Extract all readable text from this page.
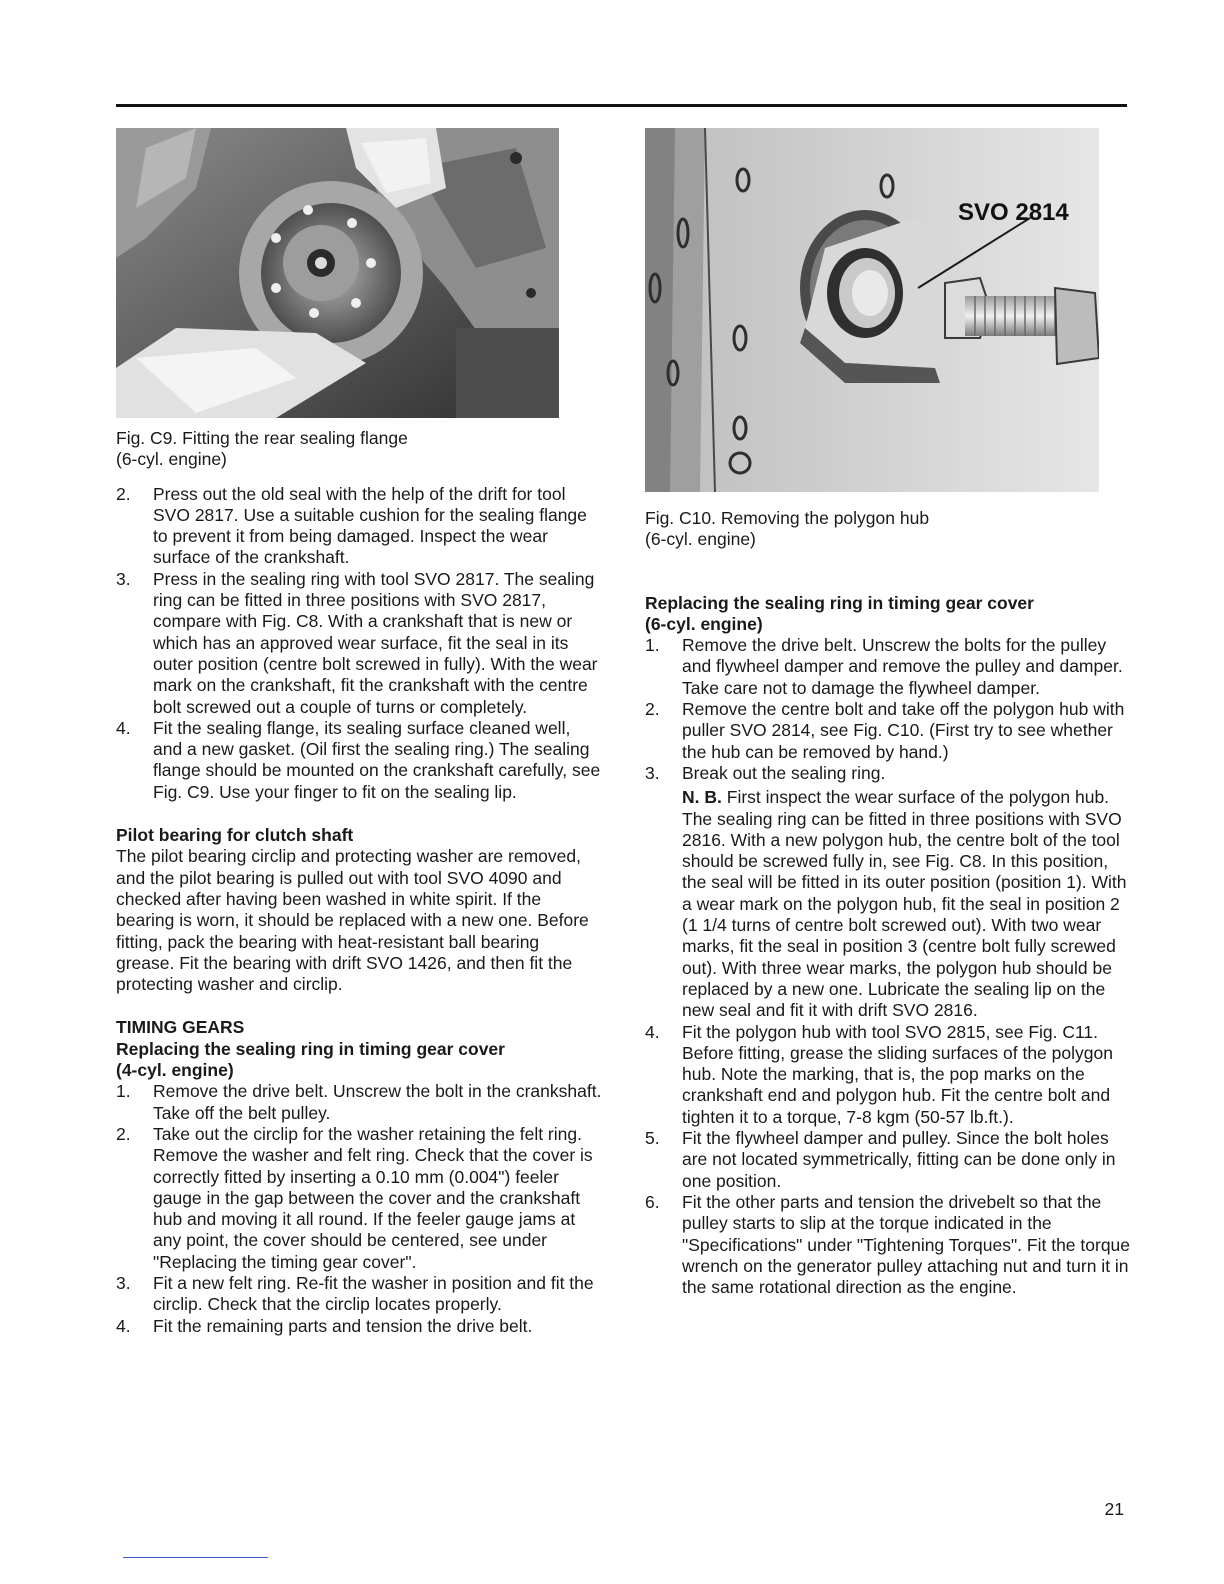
Fig. C9. Fitting the rear sealing flange
(6-cyl. engine)
2. Press out the old seal with the help of the drift for tool SVO 2817. Use a suitable cushion for the sealing flange to prevent it from being damaged. Inspect the wear surface of the crankshaft.
3. Press in the sealing ring with tool SVO 2817. The sealing ring can be fitted in three positions with SVO 2817, compare with Fig. C8. With a crankshaft that is new or which has an approved wear surface, fit the seal in its outer position (centre bolt screwed in fully). With the wear mark on the crankshaft, fit the crankshaft with the centre bolt screwed out a couple of turns or completely.
4. Fit the sealing flange, its sealing surface cleaned well, and a new gasket. (Oil first the sealing ring.) The sealing flange should be mounted on the crankshaft carefully, see Fig. C9. Use your finger to fit on the sealing lip.
Pilot bearing for clutch shaft
The pilot bearing circlip and protecting washer are removed, and the pilot bearing is pulled out with tool SVO 4090 and checked after having been washed in white spirit. If the bearing is worn, it should be replaced with a new one. Before fitting, pack the bearing with heat-resistant ball bearing grease. Fit the bearing with drift SVO 1426, and then fit the protecting washer and circlip.
TIMING GEARS
Replacing the sealing ring in timing gear cover
(4-cyl. engine)
1. Remove the drive belt. Unscrew the bolt in the crankshaft. Take off the belt pulley.
2. Take out the circlip for the washer retaining the felt ring. Remove the washer and felt ring. Check that the cover is correctly fitted by inserting a 0.10 mm (0.004") feeler gauge in the gap between the cover and the crankshaft hub and moving it all round. If the feeler gauge jams at any point, the cover should be centered, see under "Replacing the timing gear cover".
3. Fit a new felt ring. Re-fit the washer in position and fit the circlip. Check that the circlip locates properly.
4. Fit the remaining parts and tension the drive belt.
SVO 2814
Fig. C10. Removing the polygon hub
(6-cyl. engine)
Replacing the sealing ring in timing gear cover
(6-cyl. engine)
1. Remove the drive belt. Unscrew the bolts for the pulley and flywheel damper and remove the pulley and damper. Take care not to damage the flywheel damper.
2. Remove the centre bolt and take off the polygon hub with puller SVO 2814, see Fig. C10. (First try to see whether the hub can be removed by hand.)
3. Break out the sealing ring.
N. B. First inspect the wear surface of the polygon hub. The sealing ring can be fitted in three positions with SVO 2816. With a new polygon hub, the centre bolt of the tool should be screwed fully in, see Fig. C8. In this position, the seal will be fitted in its outer position (position 1). With a wear mark on the polygon hub, fit the seal in position 2 (1 1/4 turns of centre bolt screwed out). With two wear marks, fit the seal in position 3 (centre bolt fully screwed out). With three wear marks, the polygon hub should be replaced by a new one. Lubricate the sealing lip on the new seal and fit it with drift SVO 2816.
4. Fit the polygon hub with tool SVO 2815, see Fig. C11. Before fitting, grease the sliding surfaces of the polygon hub. Note the marking, that is, the pop marks on the crankshaft end and polygon hub. Fit the centre bolt and tighten it to a torque, 7-8 kgm (50-57 lb.ft.).
5. Fit the flywheel damper and pulley. Since the bolt holes are not located symmetrically, fitting can be done only in one position.
6. Fit the other parts and tension the drivebelt so that the pulley starts to slip at the torque indicated in the "Specifications" under "Tightening Torques". Fit the torque wrench on the generator pulley attaching nut and turn it in the same rotational direction as the engine.
21
